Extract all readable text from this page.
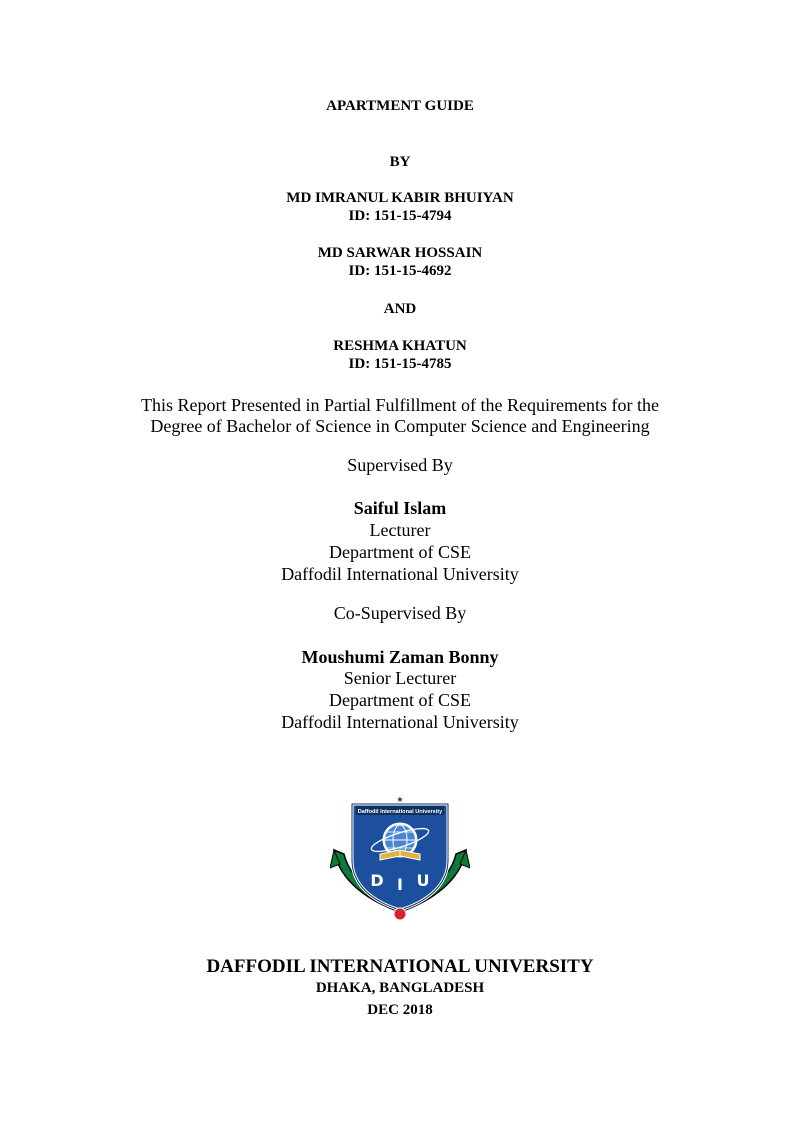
APARTMENT GUIDE
BY
MD IMRANUL KABIR BHUIYAN
ID: 151-15-4794
MD SARWAR HOSSAIN
ID: 151-15-4692
AND
RESHMA KHATUN
ID: 151-15-4785
This Report Presented in Partial Fulfillment of the Requirements for the
Degree of Bachelor of Science in Computer Science and Engineering
Supervised By
Saiful Islam
Lecturer
Department of CSE
Daffodil International University
Co-Supervised By
Moushumi Zaman Bonny
Senior Lecturer
Department of CSE
Daffodil International University
Daffodil International University
★
D I U
DAFFODIL INTERNATIONAL UNIVERSITY
DHAKA, BANGLADESH
DEC 2018
